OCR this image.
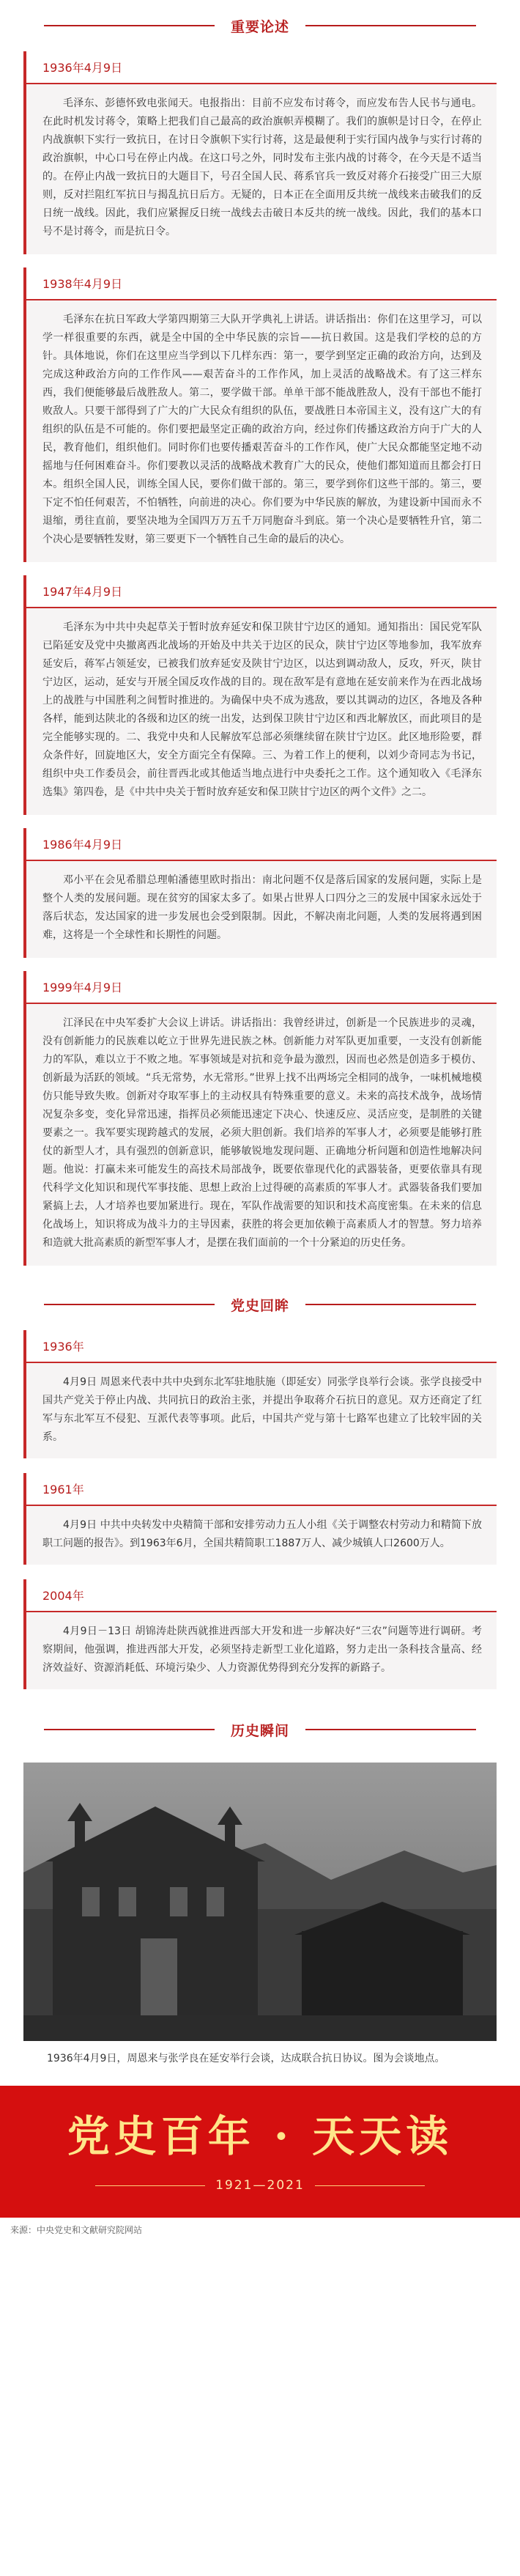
重要论述
1936年4月9日
毛泽东、彭德怀致电张闻天。电报指出：目前不应发布讨蒋令，而应发布告人民书与通电。在此时机发讨蒋令，策略上把我们自己最高的政治旗帜弄模糊了。我们的旗帜是讨日令，在停止内战旗帜下实行一致抗日，在讨日令旗帜下实行讨蒋，这是最便利于实行国内战争与实行讨蒋的政治旗帜，中心口号在停止内战。在这口号之外，同时发布主张内战的讨蒋令，在今天是不适当的。在停止内战一致抗日的大题目下，号召全国人民、蒋系官兵一致反对蒋介石接受广田三大原则，反对拦阻红军抗日与揭乱抗日后方。无疑的，日本正在全面用反共统一战线来击破我们的反日统一战线。因此，我们应紧握反日统一战线去击破日本反共的统一战线。因此，我们的基本口号不是讨蒋令，而是抗日令。
1938年4月9日
毛泽东在抗日军政大学第四期第三大队开学典礼上讲话。讲话指出：你们在这里学习，可以学一样很重要的东西，就是全中国的全中华民族的宗旨——抗日救国。这是我们学校的总的方针。具体地说，你们在这里应当学到以下几样东西：第一，要学到坚定正确的政治方向，达到及完成这种政治方向的工作作风——艰苦奋斗的工作作风，加上灵活的战略战术。有了这三样东西，我们便能够最后战胜敌人。第二，要学做干部。单单干部不能战胜敌人，没有干部也不能打败敌人。只要干部得到了广大的广大民众有组织的队伍，要战胜日本帝国主义，没有这广大的有组织的队伍是不可能的。你们要把最坚定正确的政治方向，经过你们传播这政治方向于广大的人民，教育他们，组织他们。同时你们也要传播艰苦奋斗的工作作风，使广大民众都能坚定地不动摇地与任何困难奋斗。你们要教以灵活的战略战术教育广大的民众，使他们都知道而且都会打日本。组织全国人民，训练全国人民，要你们做干部的。第三，要学到你们这些干部的。第三，要下定不怕任何艰苦，不怕牺牲，向前进的决心。你们要为中华民族的解放，为建设新中国而永不退缩，勇往直前，要坚决地为全国四万万五千万同胞奋斗到底。第一个决心是要牺牲升官，第二个决心是要牺牲发财，第三要更下一个牺牲自己生命的最后的决心。
1947年4月9日
毛泽东为中共中央起草关于暂时放弃延安和保卫陕甘宁边区的通知。通知指出：国民党军队已陷延安及党中央撤离西北战场的开始及中共关于边区的民众，陕甘宁边区等地参加，我军放弃延安后，蒋军占领延安，已被我们放弃延安及陕甘宁边区，以达到调动敌人，反攻，歼灭，陕甘宁边区，运动，延安与开展全国反攻作战的目的。现在敌军是有意地在延安前来作为在西北战场上的战胜与中国胜利之间暂时推进的。为确保中央不成为逃敌，要以其调动的边区，各地及各种各样，能到达陕北的各级和边区的统一出发，达到保卫陕甘宁边区和西北解放区，而此项目的是完全能够实现的。二、我党中央和人民解放军总部必须继续留在陕甘宁边区。此区地形险要，群众条件好，回旋地区大，安全方面完全有保障。三、为着工作上的便利，以刘少奇同志为书记，组织中央工作委员会，前往晋西北或其他适当地点进行中央委托之工作。这个通知收入《毛泽东选集》第四卷，是《中共中央关于暂时放弃延安和保卫陕甘宁边区的两个文件》之二。
1986年4月9日
邓小平在会见希腊总理帕潘德里欧时指出：南北问题不仅是落后国家的发展问题，实际上是整个人类的发展问题。现在贫穷的国家太多了。如果占世界人口四分之三的发展中国家永远处于落后状态，发达国家的进一步发展也会受到限制。因此，不解决南北问题，人类的发展将遇到困难，这将是一个全球性和长期性的问题。
1999年4月9日
江泽民在中央军委扩大会议上讲话。讲话指出：我曾经讲过，创新是一个民族进步的灵魂，没有创新能力的民族难以屹立于世界先进民族之林。创新能力对军队更加重要，一支没有创新能力的军队，难以立于不败之地。军事领域是对抗和竞争最为激烈，因而也必然是创造多于模仿、创新最为活跃的领域。“兵无常势，水无常形。”世界上找不出两场完全相同的战争，一味机械地模仿只能导致失败。创新对夺取军事上的主动权具有特殊重要的意义。未来的高技术战争，战场情况复杂多变，变化异常迅速，指挥员必须能迅速定下决心、快速反应、灵活应变，是制胜的关键要素之一。我军要实现跨越式的发展，必须大胆创新。我们培养的军事人才，必须要是能够打胜仗的新型人才，具有强烈的创新意识，能够敏锐地发现问题、正确地分析问题和创造性地解决问题。他说：打赢未来可能发生的高技术局部战争，既要依靠现代化的武器装备，更要依靠具有现代科学文化知识和现代军事技能、思想上政治上过得硬的高素质的军事人才。武器装备我们要加紧搞上去，人才培养也要加紧进行。现在，军队作战需要的知识和技术高度密集。在未来的信息化战场上，知识将成为战斗力的主导因素，获胜的将会更加依赖于高素质人才的智慧。努力培养和造就大批高素质的新型军事人才，是摆在我们面前的一个十分紧迫的历史任务。
党史回眸
1936年
4月9日 周恩来代表中共中央到东北军驻地肤施（即延安）同张学良举行会谈。张学良接受中国共产党关于停止内战、共同抗日的政治主张，并提出争取蒋介石抗日的意见。双方还商定了红军与东北军互不侵犯、互派代表等事项。此后，中国共产党与第十七路军也建立了比较牢固的关系。
1961年
4月9日 中共中央转发中央精简干部和安排劳动力五人小组《关于调整农村劳动力和精简下放职工问题的报告》。到1963年6月，全国共精简职工1887万人、减少城镇人口2600万人。
2004年
4月9日－13日 胡锦涛赴陕西就推进西部大开发和进一步解决好“三农”问题等进行调研。考察期间，他强调，推进西部大开发，必须坚持走新型工业化道路，努力走出一条科技含量高、经济效益好、资源消耗低、环境污染少、人力资源优势得到充分发挥的新路子。
历史瞬间
1936年4月9日，周恩来与张学良在延安举行会谈，达成联合抗日协议。图为会谈地点。
党史百年 · 天天读
1921—2021
来源：中央党史和文献研究院网站
